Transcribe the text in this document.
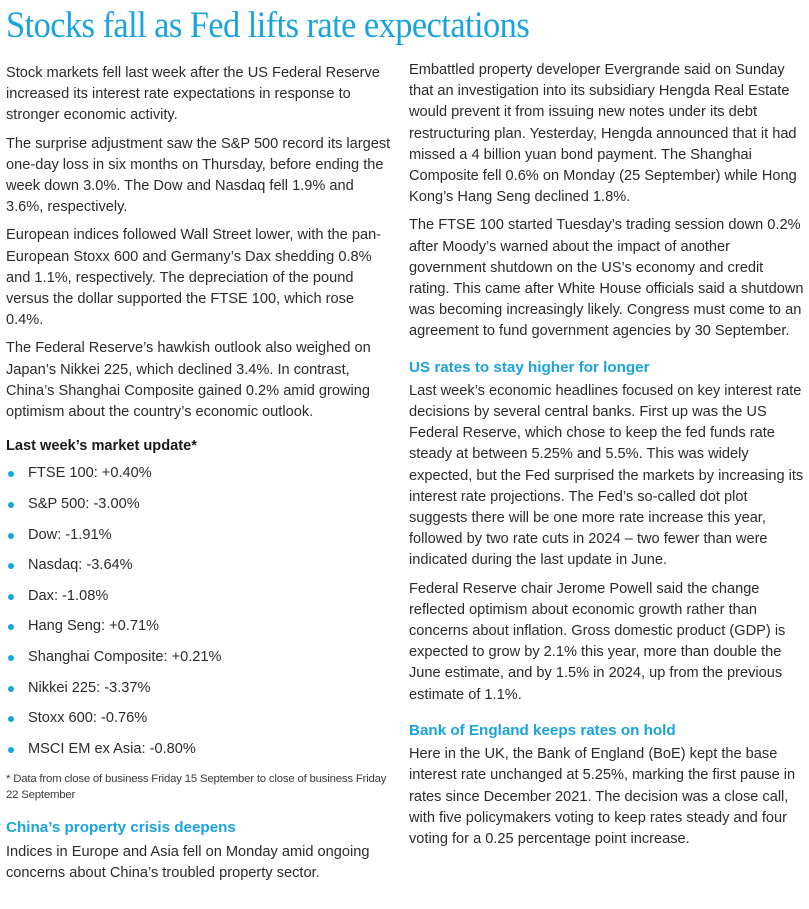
Stocks fall as Fed lifts rate expectations

Stock markets fell last week after the US Federal Reserve increased its interest rate expectations in response to stronger economic activity.

The surprise adjustment saw the S&P 500 record its largest one-day loss in six months on Thursday, before ending the week down 3.0%. The Dow and Nasdaq fell 1.9% and 3.6%, respectively.

European indices followed Wall Street lower, with the pan-European Stoxx 600 and Germany’s Dax shedding 0.8% and 1.1%, respectively. The depreciation of the pound versus the dollar supported the FTSE 100, which rose 0.4%.

The Federal Reserve’s hawkish outlook also weighed on Japan’s Nikkei 225, which declined 3.4%. In contrast, China’s Shanghai Composite gained 0.2% amid growing optimism about the country’s economic outlook.

Last week’s market update*
FTSE 100: +0.40%
S&P 500: -3.00%
Dow: -1.91%
Nasdaq: -3.64%
Dax: -1.08%
Hang Seng: +0.71%
Shanghai Composite: +0.21%
Nikkei 225: -3.37%
Stoxx 600: -0.76%
MSCI EM ex Asia: -0.80%

* Data from close of business Friday 15 September to close of business Friday 22 September

China’s property crisis deepens

Indices in Europe and Asia fell on Monday amid ongoing concerns about China’s troubled property sector.

Embattled property developer Evergrande said on Sunday that an investigation into its subsidiary Hengda Real Estate would prevent it from issuing new notes under its debt restructuring plan. Yesterday, Hengda announced that it had missed a 4 billion yuan bond payment. The Shanghai Composite fell 0.6% on Monday (25 September) while Hong Kong’s Hang Seng declined 1.8%.

The FTSE 100 started Tuesday’s trading session down 0.2% after Moody’s warned about the impact of another government shutdown on the US’s economy and credit rating. This came after White House officials said a shutdown was becoming increasingly likely. Congress must come to an agreement to fund government agencies by 30 September.

US rates to stay higher for longer

Last week’s economic headlines focused on key interest rate decisions by several central banks. First up was the US Federal Reserve, which chose to keep the fed funds rate steady at between 5.25% and 5.5%. This was widely expected, but the Fed surprised the markets by increasing its interest rate projections. The Fed’s so-called dot plot suggests there will be one more rate increase this year, followed by two rate cuts in 2024 – two fewer than were indicated during the last update in June.

Federal Reserve chair Jerome Powell said the change reflected optimism about economic growth rather than concerns about inflation. Gross domestic product (GDP) is expected to grow by 2.1% this year, more than double the June estimate, and by 1.5% in 2024, up from the previous estimate of 1.1%.

Bank of England keeps rates on hold

Here in the UK, the Bank of England (BoE) kept the base interest rate unchanged at 5.25%, marking the first pause in rates since December 2021. The decision was a close call, with five policymakers voting to keep rates steady and four voting for a 0.25 percentage point increase.
